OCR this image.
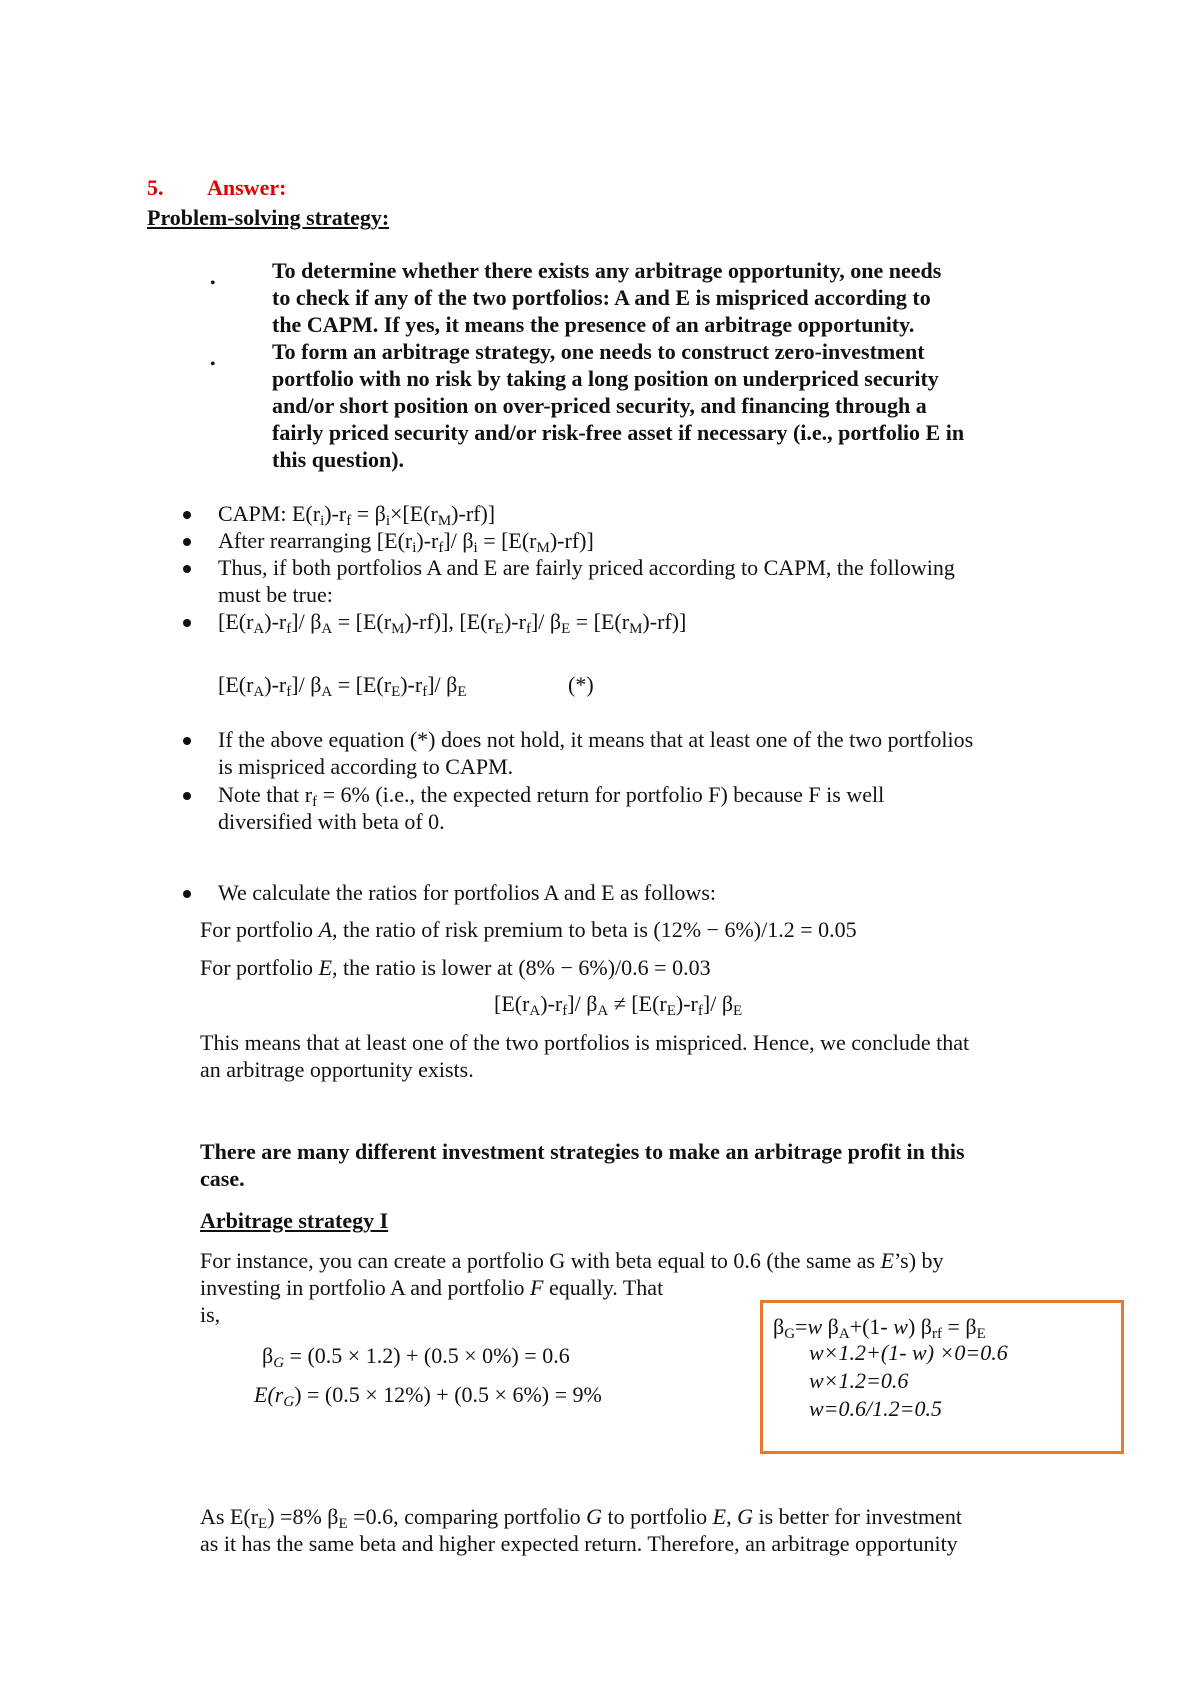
5. Answer:
Problem-solving strategy:
•
To determine whether there exists any arbitrage opportunity, one needs
to check if any of the two portfolios: A and E is mispriced according to
the CAPM. If yes, it means the presence of an arbitrage opportunity.
•
To form an arbitrage strategy, one needs to construct zero-investment
portfolio with no risk by taking a long position on underpriced security
and/or short position on over-priced security, and financing through a
fairly priced security and/or risk-free asset if necessary (i.e., portfolio E in
this question).
CAPM: $E(r_i)-r_f = \beta_i\times[E(r_M)-rf)$]
After rearranging $[E(r_i)-r_f]/$ $\beta_i = [E(r_M)-rf)$]
Thus, if both portfolios A and E are fairly priced according to CAPM, the following
must be true:
$[E(r_A)-r_f]/$ $\beta_A = [E(r_M)-rf)$], $[E(r_E)-r_f]/$ $\beta_E = [E(r_M)-rf)$]
$[E(r_A)-r_f]/$ $\beta_A = [E(r_E)-r_f]/$ $\beta_E$	(*)
If the above equation (*) does not hold, it means that at least one of the two portfolios
is mispriced according to CAPM.
Note that $r_f = 6\%$ (i.e., the expected return for portfolio F) because F is well
diversified with beta of 0.
We calculate the ratios for portfolios A and E as follows:
For portfolio A, the ratio of risk premium to beta is (12% − 6%)/1.2 = 0.05
For portfolio E, the ratio is lower at (8% − 6%)/0.6 = 0.03
$[E(r_A)-r_f]/$ $\beta_A \ne [E(r_E)-r_f]/$ $\beta_E$
This means that at least one of the two portfolios is mispriced. Hence, we conclude that
an arbitrage opportunity exists.
There are many different investment strategies to make an arbitrage profit in this
case.
Arbitrage strategy I
For instance, you can create a portfolio G with beta equal to 0.6 (the same as E’s) by
investing in portfolio A and portfolio F equally. That
is,
$\beta_G = (0.5 \times 1.2) + (0.5 \times 0\%) = 0.6$
$E(r_G) = (0.5 \times 12\%) + (0.5 \times 6\%) = 9\%$
$\beta_G=w$ $\beta_A+(1-$ w) $\beta_{rf} = \beta_E$
w×1.2+(1- w) ×0=0.6
w×1.2=0.6
w=0.6/1.2=0.5
As $E(r_E) =8\%$ $\beta_E =0.6$, comparing portfolio G to portfolio E, G is better for investment
as it has the same beta and higher expected return. Therefore, an arbitrage opportunity
